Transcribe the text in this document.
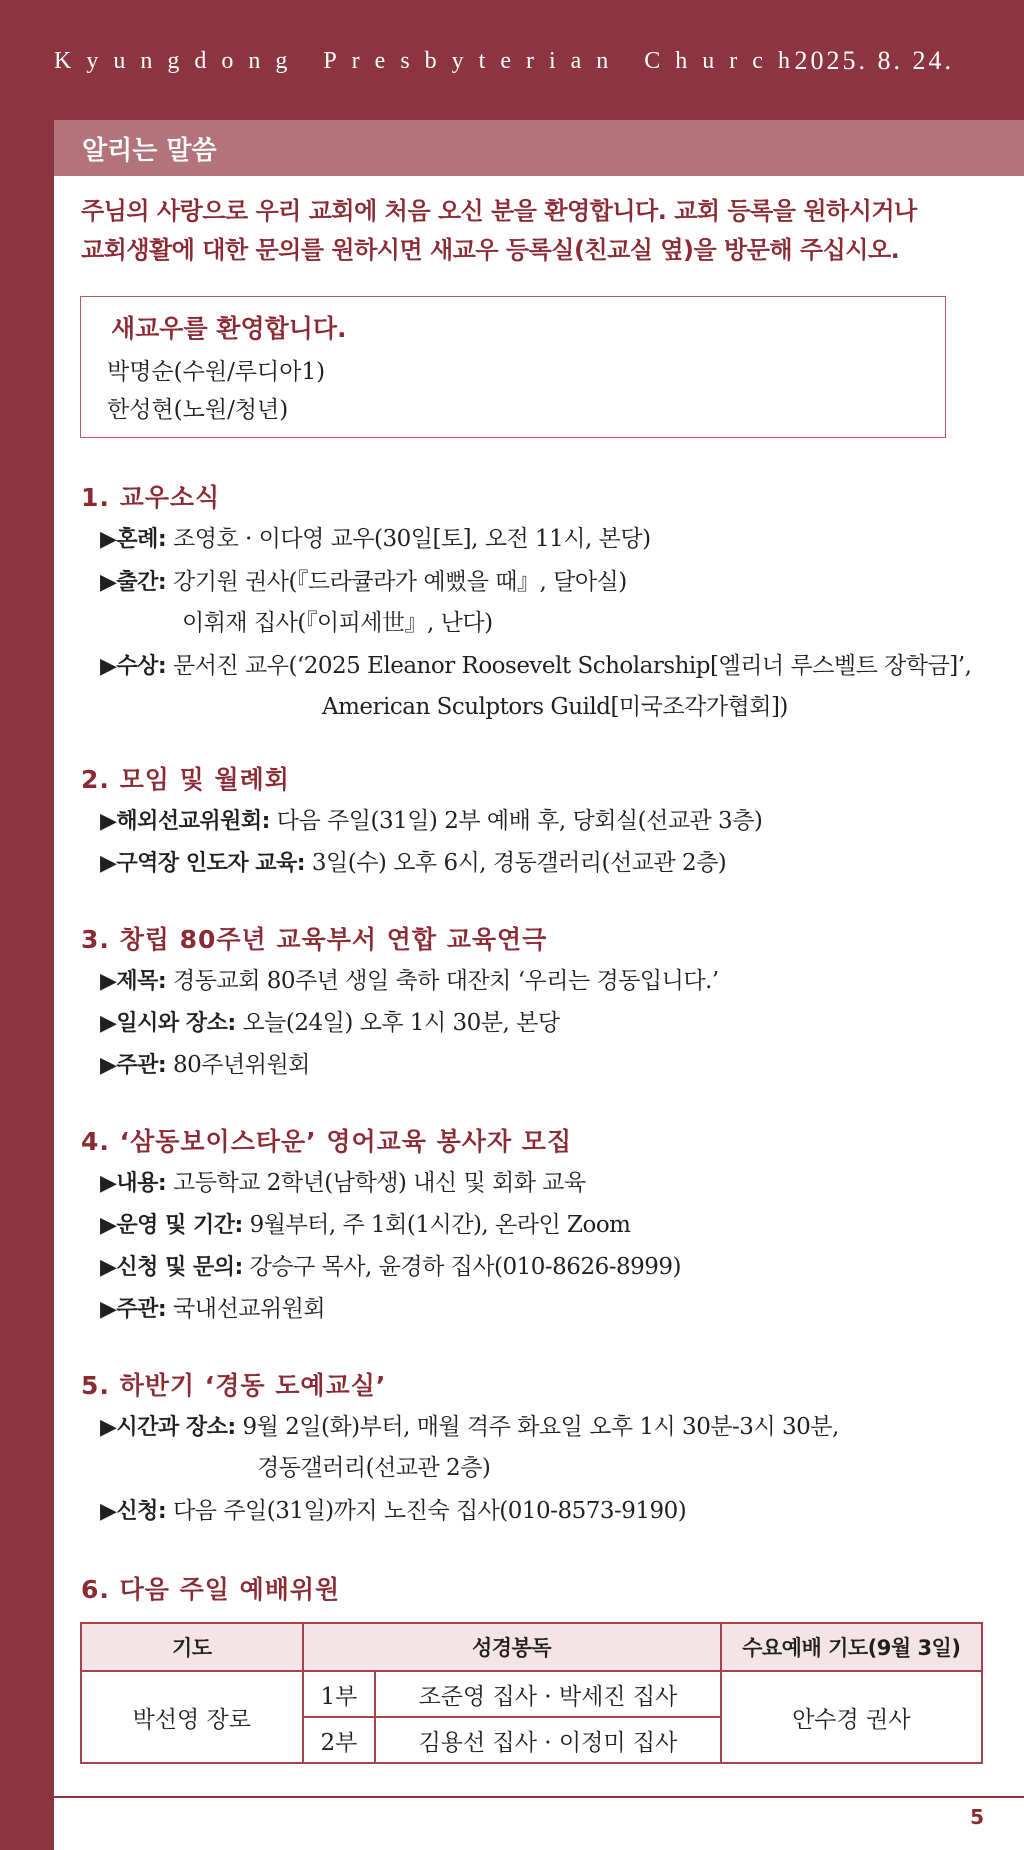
Kyungdong Presbyterian Church
2025. 8. 24.
알리는 말씀
주님의 사랑으로 우리 교회에 처음 오신 분을 환영합니다. 교회 등록을 원하시거나
교회생활에 대한 문의를 원하시면 새교우 등록실(친교실 옆)을 방문해 주십시오.
새교우를 환영합니다.
박명순(수원/루디아1)
한성현(노원/청년)
1. 교우소식
▶혼례: 조영호 · 이다영 교우(30일[토], 오전 11시, 본당)
▶출간: 강기원 권사(『드라큘라가 예뻤을 때』, 달아실)
이휘재 집사(『이피세世』, 난다)
▶수상: 문서진 교우(‘2025 Eleanor Roosevelt Scholarship[엘리너 루스벨트 장학금]’,
American Sculptors Guild[미국조각가협회])
2. 모임 및 월례회
▶해외선교위원회: 다음 주일(31일) 2부 예배 후, 당회실(선교관 3층)
▶구역장 인도자 교육: 3일(수) 오후 6시, 경동갤러리(선교관 2층)
3. 창립 80주년 교육부서 연합 교육연극
▶제목: 경동교회 80주년 생일 축하 대잔치 ‘우리는 경동입니다.’
▶일시와 장소: 오늘(24일) 오후 1시 30분, 본당
▶주관: 80주년위원회
4. ‘삼동보이스타운’ 영어교육 봉사자 모집
▶내용: 고등학교 2학년(남학생) 내신 및 회화 교육
▶운영 및 기간: 9월부터, 주 1회(1시간), 온라인 Zoom
▶신청 및 문의: 강승구 목사, 윤경하 집사(010-8626-8999)
▶주관: 국내선교위원회
5. 하반기 ‘경동 도예교실’
▶시간과 장소: 9월 2일(화)부터, 매월 격주 화요일 오후 1시 30분-3시 30분,
경동갤러리(선교관 2층)
▶신청: 다음 주일(31일)까지 노진숙 집사(010-8573-9190)
6. 다음 주일 예배위원
기도	성경봉독		수요예배 기도(9월 3일)
박선영 장로	1부	조준영 집사 · 박세진 집사	안수경 권사
	2부	김용선 집사 · 이정미 집사	
5
